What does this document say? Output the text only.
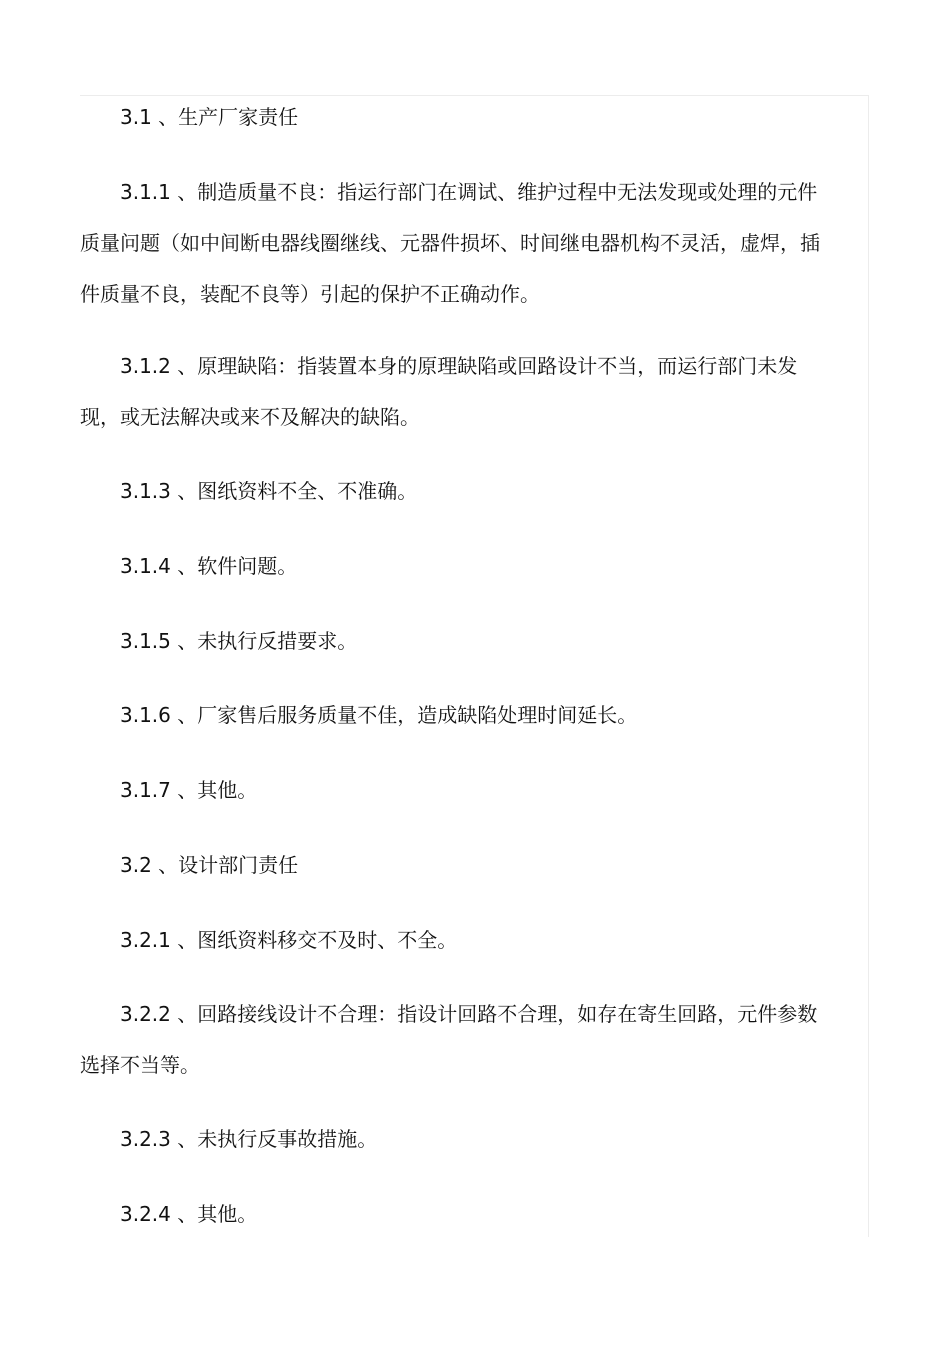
3.1 、生产厂家责任

3.1.1 、制造质量不良：指运行部门在调试、维护过程中无法发现或处理的元件质量问题（如中间断电器线圈继线、元器件损坏、时间继电器机构不灵活，虚焊，插件质量不良，装配不良等）引起的保护不正确动作。

3.1.2 、原理缺陷：指装置本身的原理缺陷或回路设计不当，而运行部门未发现，或无法解决或来不及解决的缺陷。

3.1.3 、图纸资料不全、不准确。

3.1.4 、软件问题。

3.1.5 、未执行反措要求。

3.1.6 、厂家售后服务质量不佳，造成缺陷处理时间延长。

3.1.7 、其他。

3.2 、设计部门责任

3.2.1 、图纸资料移交不及时、不全。

3.2.2 、回路接线设计不合理：指设计回路不合理，如存在寄生回路，元件参数选择不当等。

3.2.3 、未执行反事故措施。

3.2.4 、其他。
